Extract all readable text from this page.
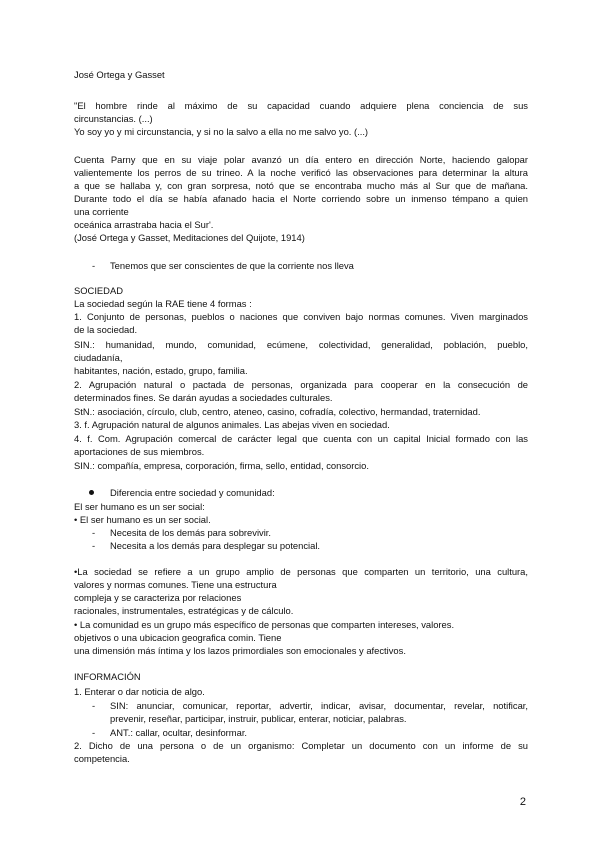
José Ortega y Gasset
"El hombre rinde al máximo de su capacidad cuando adquiere plena conciencia de sus
circunstancias. (...)
Yo soy yo y mi circunstancia, y si no la salvo a ella no me salvo yo. (...)
Cuenta Parny que en su viaje polar avanzó un día entero en dirección Norte, haciendo galopar
valientemente los perros de su trineo. A la noche verificó las observaciones para determinar la altura
a que se hallaba y, con gran sorpresa, notó que se encontraba mucho más al Sur que de mañana.
Durante todo el día se había afanado hacia el Norte corriendo sobre un inmenso témpano a quien
una corriente
oceánica arrastraba hacia el Sur'.
(José Ortega y Gasset, Meditaciones del Quijote, 1914)
- Tenemos que ser conscientes de que la corriente nos lleva
SOCIEDAD
La sociedad según la RAE tiene 4 formas :
1. Conjunto de personas, pueblos o naciones que conviven bajo normas comunes. Viven marginados
de la sociedad.
SIN.: humanidad, mundo, comunidad, ecúmene, colectividad, generalidad, población, pueblo,
ciudadanía,
habitantes, nación, estado, grupo, familia.
2. Agrupación natural o pactada de personas, organizada para cooperar en la consecución de
determinados fines. Se darán ayudas a sociedades culturales.
StN.: asociación, círculo, club, centro, ateneo, casino, cofradía, colectivo, hermandad, traternidad.
3. f. Agrupación natural de algunos animales. Las abejas viven en sociedad.
4. f. Com. Agrupación comercal de carácter legal que cuenta con un capital Inicial formado con las
aportaciones de sus miembros.
SIN.: compañía, empresa, corporación, firma, sello, entidad, consorcio.
Diferencia entre sociedad y comunidad:
El ser humano es un ser social:
• El ser humano es un ser social.
- Necesita de los demás para sobrevivir.
- Necesita a los demás para desplegar su potencial.
•La sociedad se refiere a un grupo amplio de personas que comparten un territorio, una cultura,
valores y normas comunes. Tiene una estructura
compleja y se caracteriza por relaciones
racionales, instrumentales, estratégicas y de cálculo.
• La comunidad es un grupo más específico de personas que comparten intereses, valores.
objetivos o una ubicacion geografica comin. Tiene
una dimensión más íntima y los lazos primordiales son emocionales y afectivos.
INFORMACIÓN
1. Enterar o dar noticia de algo.
- SIN: anunciar, comunicar, reportar, advertir, indicar, avisar, documentar, revelar, notificar,
prevenir, reseñar, participar, instruir, publicar, enterar, noticiar, palabras.
- ANT.: callar, ocultar, desinformar.
2. Dicho de una persona o de un organismo: Completar un documento con un informe de su
competencia.
2
